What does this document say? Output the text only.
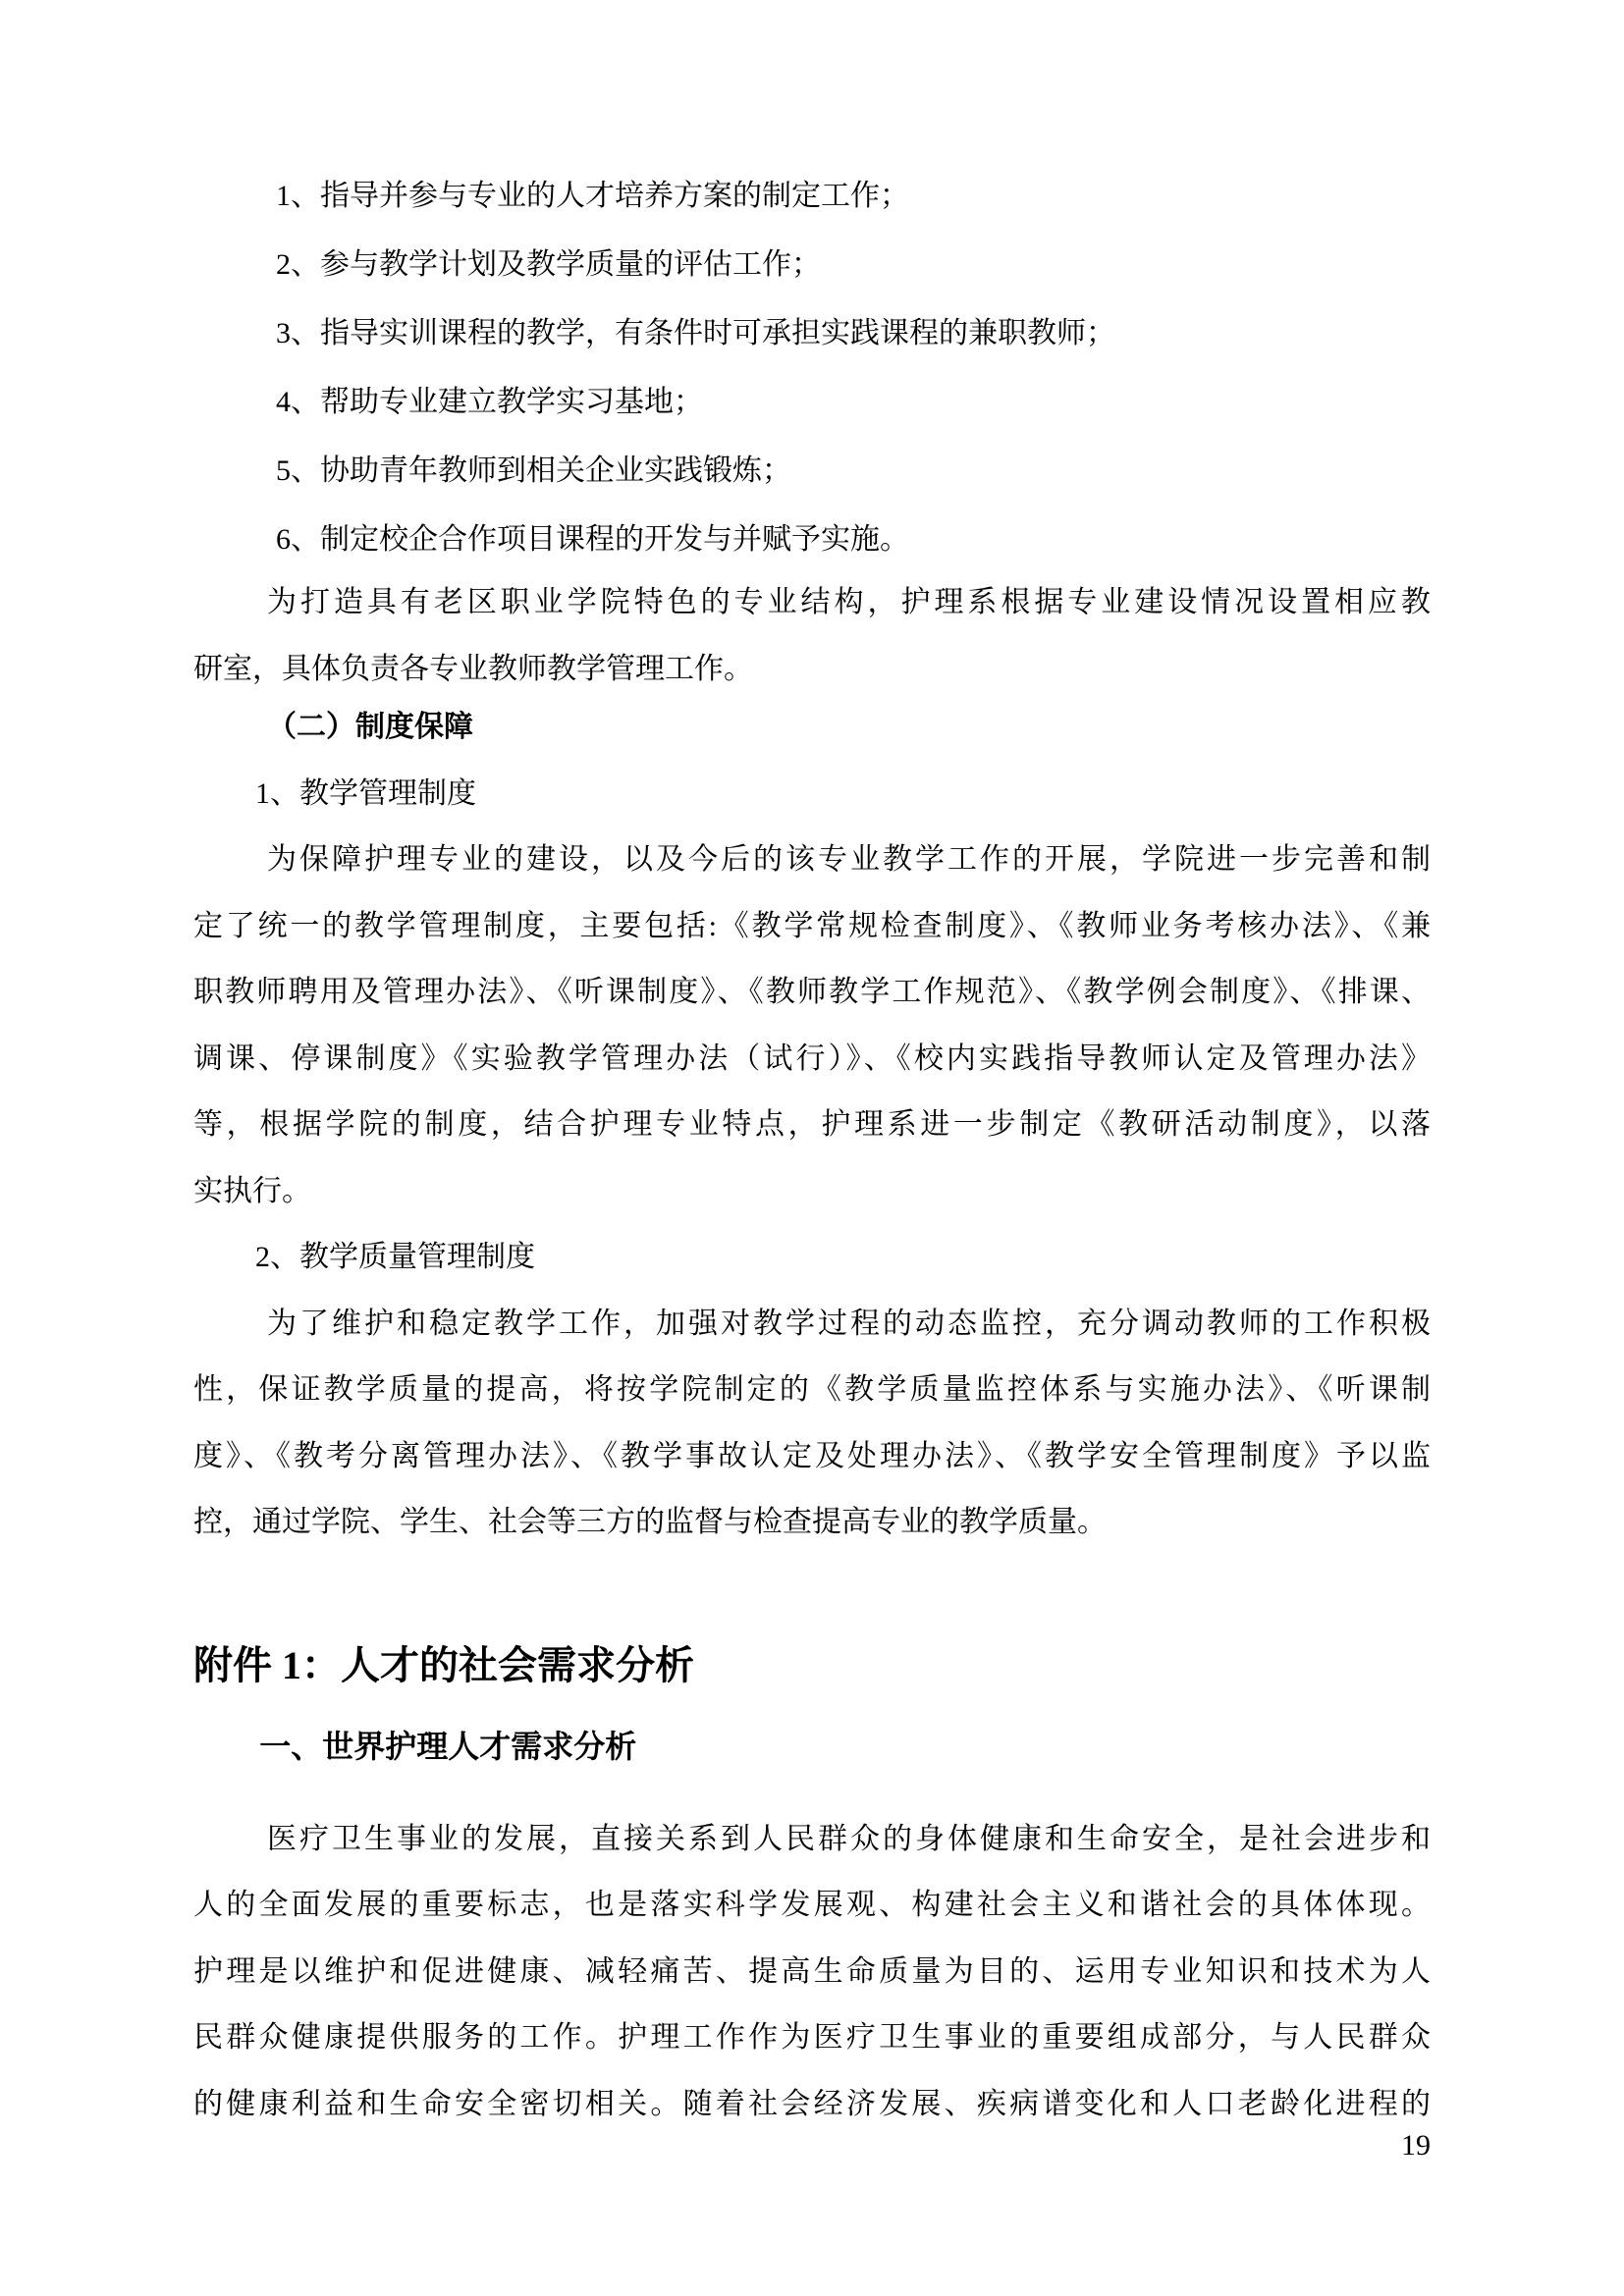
1、指导并参与专业的人才培养方案的制定工作；
2、参与教学计划及教学质量的评估工作；
3、指导实训课程的教学，有条件时可承担实践课程的兼职教师；
4、帮助专业建立教学实习基地；
5、协助青年教师到相关企业实践锻炼；
6、制定校企合作项目课程的开发与并赋予实施。
为打造具有老区职业学院特色的专业结构，护理系根据专业建设情况设置相应教
研室，具体负责各专业教师教学管理工作。
（二）制度保障
1、教学管理制度
为保障护理专业的建设，以及今后的该专业教学工作的开展，学院进一步完善和制
定了统一的教学管理制度，主要包括:《教学常规检查制度》、《教师业务考核办法》、《兼
职教师聘用及管理办法》、《听课制度》、《教师教学工作规范》、《教学例会制度》、《排课、
调课、停课制度》《实验教学管理办法（试行）》、《校内实践指导教师认定及管理办法》
等，根据学院的制度，结合护理专业特点，护理系进一步制定《教研活动制度》，以落
实执行。
2、教学质量管理制度
为了维护和稳定教学工作，加强对教学过程的动态监控，充分调动教师的工作积极
性，保证教学质量的提高，将按学院制定的《教学质量监控体系与实施办法》、《听课制
度》、《教考分离管理办法》、《教学事故认定及处理办法》、《教学安全管理制度》予以监
控，通过学院、学生、社会等三方的监督与检查提高专业的教学质量。
附件 1：人才的社会需求分析
一、世界护理人才需求分析
医疗卫生事业的发展，直接关系到人民群众的身体健康和生命安全，是社会进步和
人的全面发展的重要标志，也是落实科学发展观、构建社会主义和谐社会的具体体现。
护理是以维护和促进健康、减轻痛苦、提高生命质量为目的、运用专业知识和技术为人
民群众健康提供服务的工作。护理工作作为医疗卫生事业的重要组成部分，与人民群众
的健康利益和生命安全密切相关。随着社会经济发展、疾病谱变化和人口老龄化进程的
19
